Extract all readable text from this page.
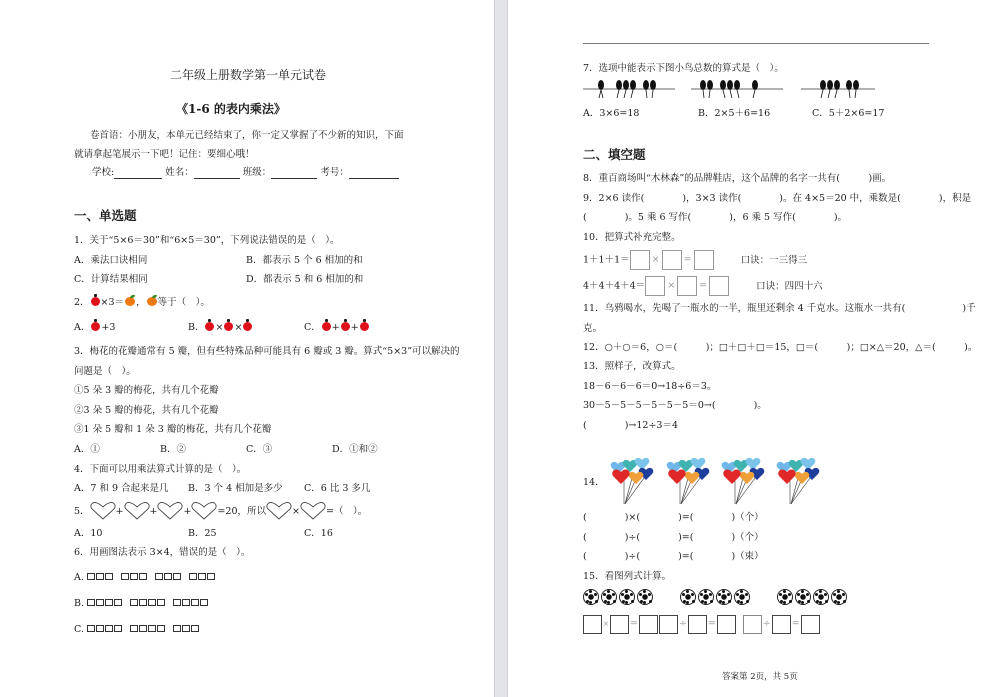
二年级上册数学第一单元试卷
《1-6 的表内乘法》
卷首语：小朋友，本单元已经结束了，你一定又掌握了不少新的知识，下面
就请拿起笔展示一下吧！记住：要细心哦！
学校:	姓名：	班级：	考号：
一、单选题
1．关于“5×6＝30”和“6×5＝30”，下列说法错误的是（　）。
A．乘法口诀相同	B．都表示 5 个 6 相加的和
C．计算结果相同	D．都表示 5 和 6 相加的和
2． ×3＝ ， 等于（　）。
A． +3	B． × ×	C． + +
3．梅花的花瓣通常有 5 瓣，但有些特殊品种可能具有 6 瓣或 3 瓣。算式“5×3”可以解决的
问题是（　）。
①5 朵 3 瓣的梅花，共有几个花瓣
②3 朵 5 瓣的梅花，共有几个花瓣
③1 朵 5 瓣和 1 朵 3 瓣的梅花，共有几个花瓣
A．①	B．②	C．③	D．①和②
4．下面可以用乘法算式计算的是（　）。
A．7 和 9 合起来是几 B．3 个 4 相加是多少 C．6 比 3 多几
5．	+	+	+	=20，所以	×	=（　）。
A．10	B．25	C．16
6．用画图法表示 3×4，错误的是（　）。
A.
B.
C.
7．选项中能表示下图小鸟总数的算式是（　）。
A．3×6=18	B．2×5＋6=16	C．5＋2×6=17
二、填空题
8．重百商场叫“木林森”的品牌鞋店，这个品牌的名字一共有(　　　)画。
9．2×6 读作(　　　　)，3×3 读作(　　　　)。在 4×5＝20 中，乘数是(　　　　)，积是
(　　　　)。5 乘 6 写作(　　　　)，6 乘 5 写作(　　　　)。
10．把算式补充完整。
1＋1＋1＝ ×	=	口诀：一三得三
4＋4＋4＋4＝ ×	=	口诀：四四十六
11．乌鸦喝水，先喝了一瓶水的一半，瓶里还剩余 4 千克水。这瓶水一共有(　　　　　　)千
克。
12．○＋○＝6，○＝(　　　)；□＋□＋□＝15，□＝(　　　)；□×△＝20，△＝(　　　)。
13．照样子，改算式。
18－6－6－6＝0→18÷6＝3。
30－5－5－5－5－5－5＝0→(　　　　)。
(　　　　)→12÷3＝4
14．
(　　　　)×(　　　　)=(　　　　)（个）
(　　　　)÷(　　　　)=(　　　　)（个）
(　　　　)÷(　　　　)=(　　　　)（束）
15．看图列式计算。

× =	÷ =	÷ =
答案第 2页，共 5页
